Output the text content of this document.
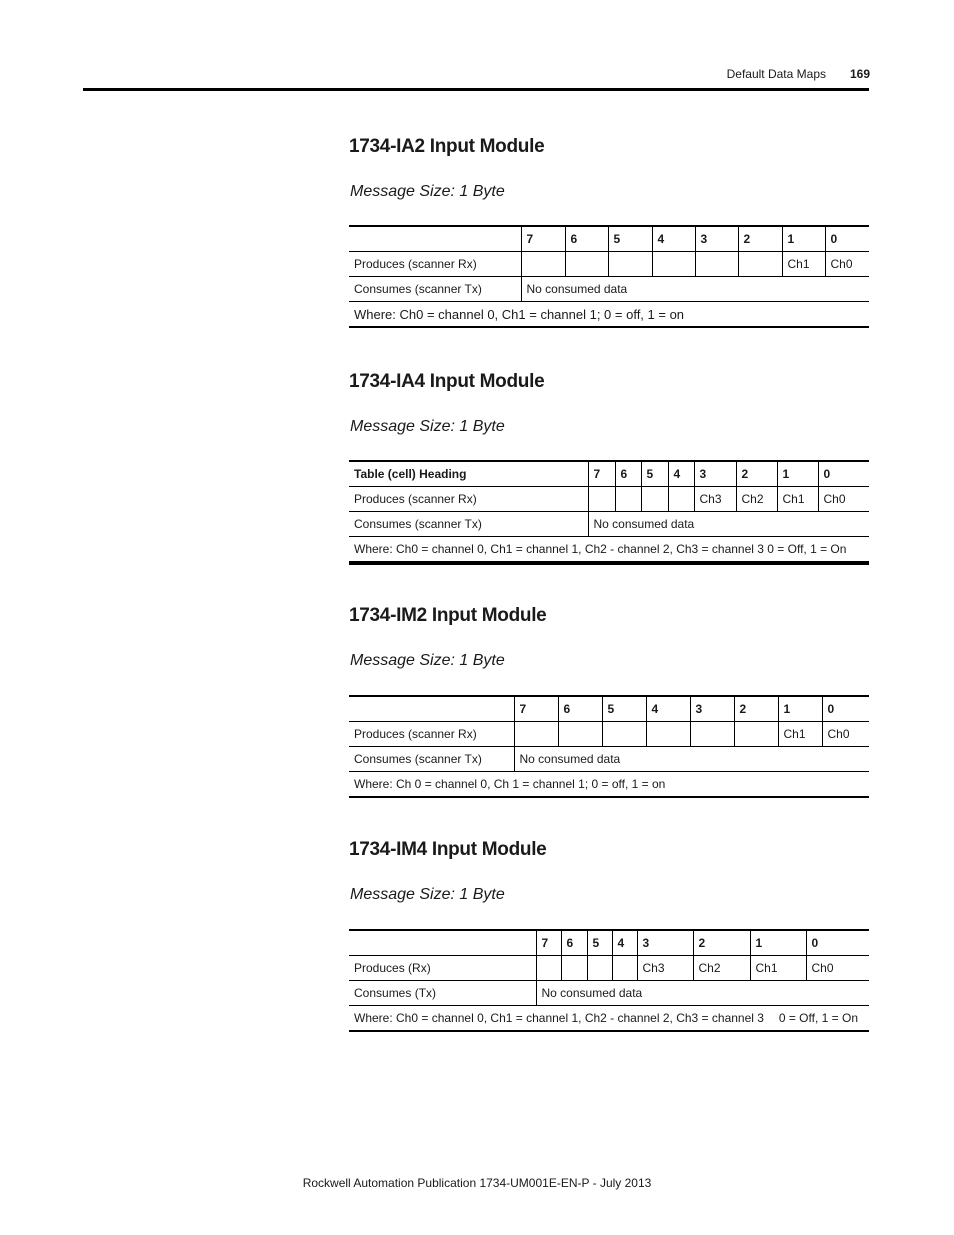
Default Data Maps 169
1734-IA2 Input Module
Message Size: 1 Byte
	7	6	5	4	3	2	1	0
Produces (scanner Rx)							Ch1	Ch0
Consumes (scanner Tx)	No consumed data							
Where: Ch0 = channel 0, Ch1 = channel 1; 0 = off, 1 = on								
1734-IA4 Input Module
Message Size: 1 Byte
Table (cell) Heading	7	6	5	4	3	2	1	0
Produces (scanner Rx)					Ch3	Ch2	Ch1	Ch0
Consumes (scanner Tx)	No consumed data							
Where: Ch0 = channel 0, Ch1 = channel 1, Ch2 - channel 2, Ch3 = channel 3 0 = Off, 1 = On								
1734-IM2 Input Module
Message Size: 1 Byte
	7	6	5	4	3	2	1	0
Produces (scanner Rx)							Ch1	Ch0
Consumes (scanner Tx)	No consumed data							
Where: Ch 0 = channel 0, Ch 1 = channel 1; 0 = off, 1 = on								
1734-IM4 Input Module
Message Size: 1 Byte
	7	6	5	4	3	2	1	0
Produces (Rx)					Ch3	Ch2	Ch1	Ch0
Consumes (Tx)	No consumed data							
Where: Ch0 = channel 0, Ch1 = channel 1, Ch2 - channel 2, Ch3 = channel 3 0 = Off, 1 = On								
Rockwell Automation Publication 1734-UM001E-EN-P - July 2013
